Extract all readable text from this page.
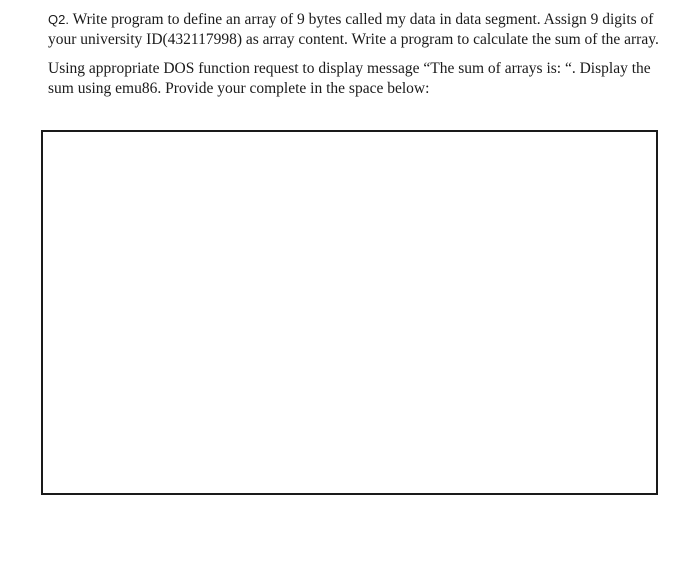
Q2. Write program to define an array of 9 bytes called my data in data segment. Assign 9 digits of your university ID(432117998) as array content. Write a program to calculate the sum of the array.

Using appropriate DOS function request to display message “The sum of arrays is: “. Display the sum using emu86. Provide your complete in the space below:
